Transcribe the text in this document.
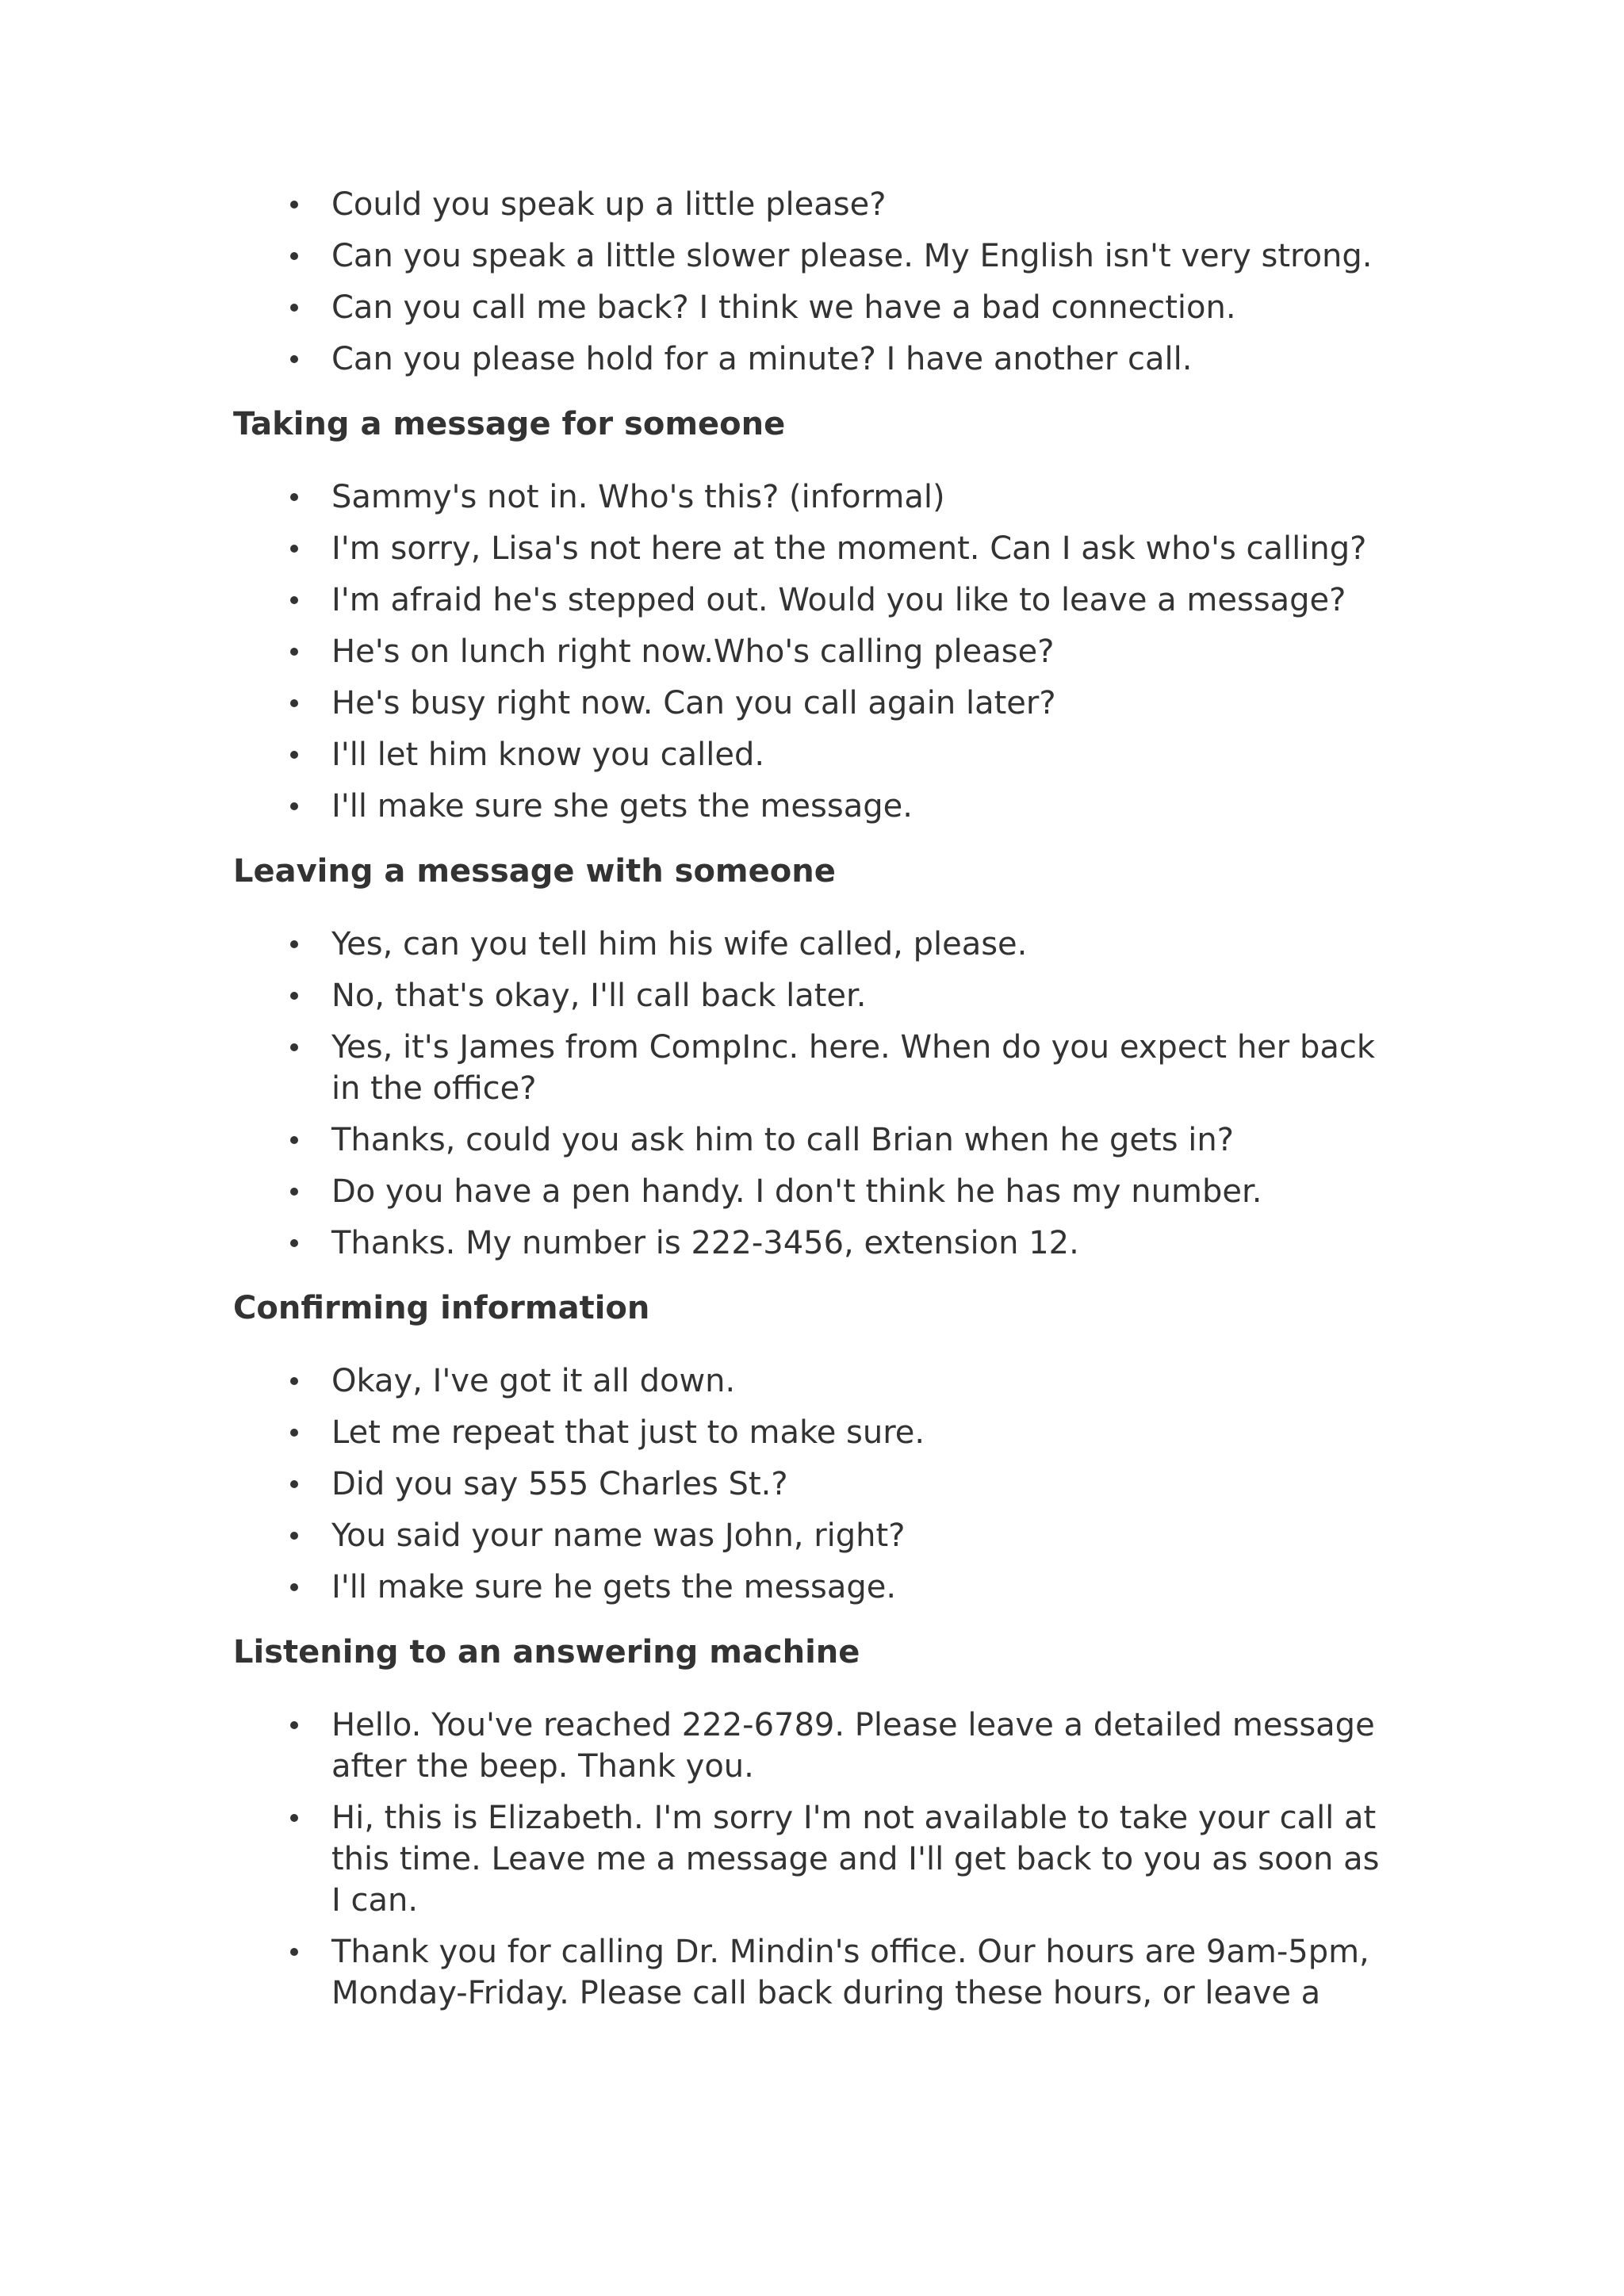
Could you speak up a little please?
Can you speak a little slower please. My English isn't very strong.
Can you call me back? I think we have a bad connection.
Can you please hold for a minute? I have another call.
Taking a message for someone
Sammy's not in. Who's this? (informal)
I'm sorry, Lisa's not here at the moment. Can I ask who's calling?
I'm afraid he's stepped out. Would you like to leave a message?
He's on lunch right now.Who's calling please?
He's busy right now. Can you call again later?
I'll let him know you called.
I'll make sure she gets the message.
Leaving a message with someone
Yes, can you tell him his wife called, please.
No, that's okay, I'll call back later.
Yes, it's James from CompInc. here. When do you expect her back in the office?
Thanks, could you ask him to call Brian when he gets in?
Do you have a pen handy. I don't think he has my number.
Thanks. My number is 222-3456, extension 12.
Confirming information
Okay, I've got it all down.
Let me repeat that just to make sure.
Did you say 555 Charles St.?
You said your name was John, right?
I'll make sure he gets the message.
Listening to an answering machine
Hello. You've reached 222-6789. Please leave a detailed message after the beep. Thank you.
Hi, this is Elizabeth. I'm sorry I'm not available to take your call at this time. Leave me a message and I'll get back to you as soon as I can.
Thank you for calling Dr. Mindin's office. Our hours are 9am-5pm, Monday-Friday. Please call back during these hours, or leave a
